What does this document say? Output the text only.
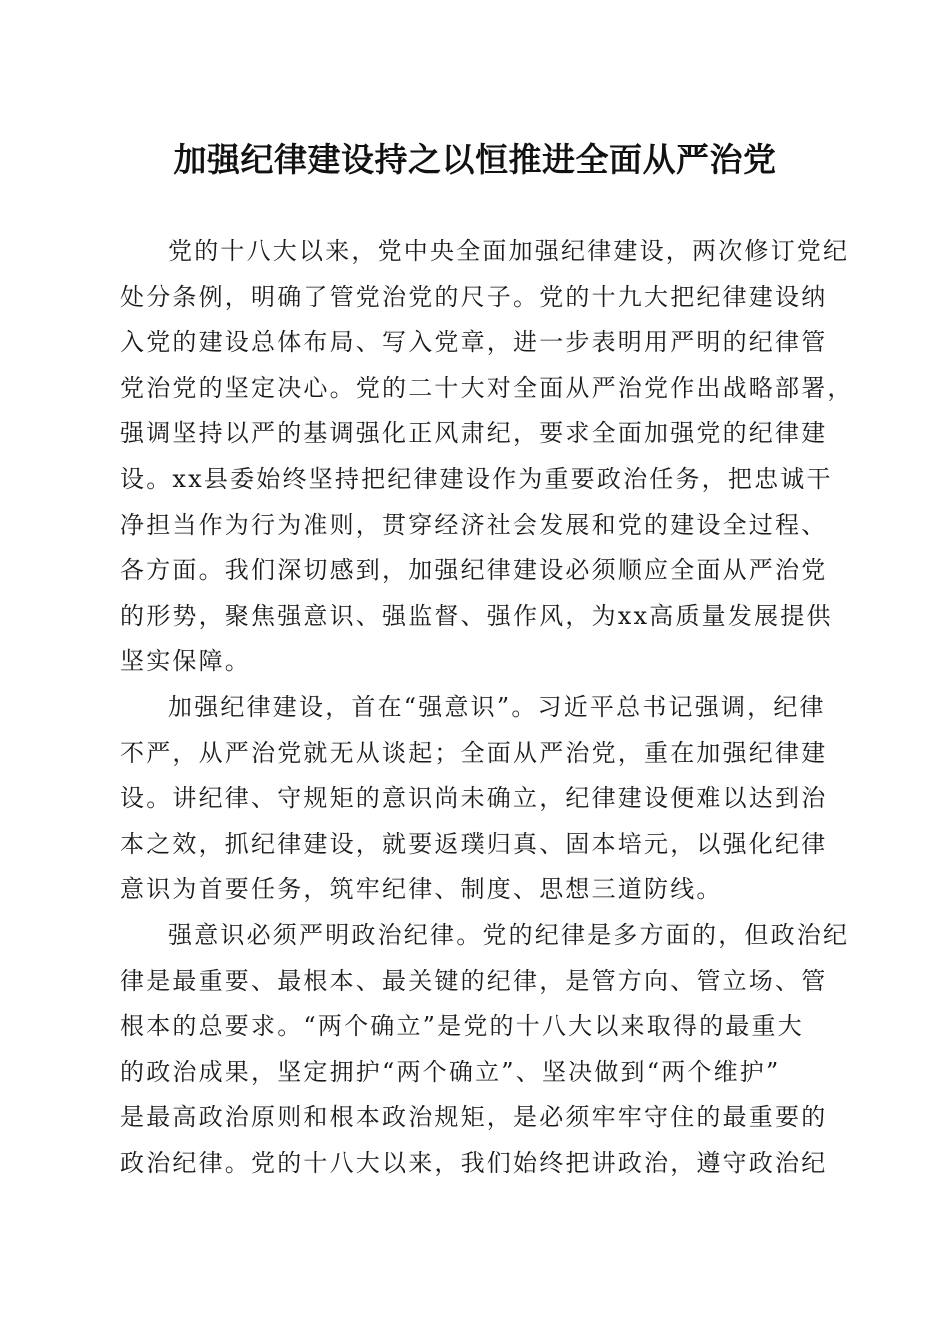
加强纪律建设持之以恒推进全面从严治党

党的十八大以来，党中央全面加强纪律建设，两次修订党纪
处分条例，明确了管党治党的尺子。党的十九大把纪律建设纳
入党的建设总体布局、写入党章，进一步表明用严明的纪律管
党治党的坚定决心。党的二十大对全面从严治党作出战略部署，
强调坚持以严的基调强化正风肃纪，要求全面加强党的纪律建
设。xx县委始终坚持把纪律建设作为重要政治任务，把忠诚干
净担当作为行为准则，贯穿经济社会发展和党的建设全过程、
各方面。我们深切感到，加强纪律建设必须顺应全面从严治党
的形势，聚焦强意识、强监督、强作风，为xx高质量发展提供
坚实保障。

加强纪律建设，首在“强意识”。习近平总书记强调，纪律
不严，从严治党就无从谈起；全面从严治党，重在加强纪律建
设。讲纪律、守规矩的意识尚未确立，纪律建设便难以达到治
本之效，抓纪律建设，就要返璞归真、固本培元，以强化纪律
意识为首要任务，筑牢纪律、制度、思想三道防线。

强意识必须严明政治纪律。党的纪律是多方面的，但政治纪
律是最重要、最根本、最关键的纪律，是管方向、管立场、管
根本的总要求。“两个确立”是党的十八大以来取得的最重大
的政治成果，坚定拥护“两个确立”、坚决做到“两个维护”
是最高政治原则和根本政治规矩，是必须牢牢守住的最重要的
政治纪律。党的十八大以来，我们始终把讲政治，遵守政治纪
